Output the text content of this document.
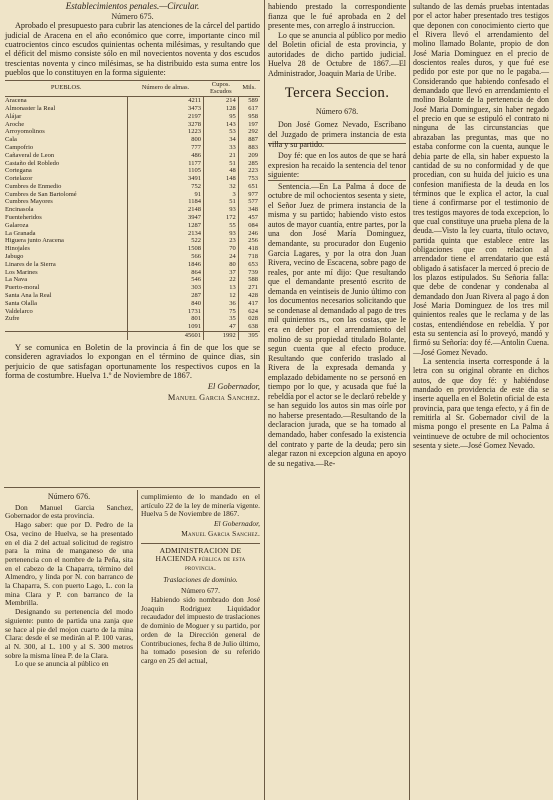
Establecimientos penales.—Circular.
Número 675.

Aprobado el presupuesto para cubrir las atenciones de la cárcel del partido judicial de Aracena en el año económico que corre, importante cinco mil cuatrocientos cinco escudos quinientas ochenta milésimas, y resultando que el déficit del mismo consiste sólo en mil novecientos noventa y dos escudos trescientas noventa y cinco milésimas, se ha distribuido esta suma entre los pueblos que lo constituyen en la forma siguiente:

PUEBLOS.	Número de almas.	Cupos.
Escudos	Mils.
Aracena	4211	214	589
Almonaster la Real	3473	128	617
Alájar	2197	95	958
Aroche	3278	143	197
Arroyomolinos	1223	53	292
Cala	800	34	887
Campofrio	777	33	883
Cañaveral de Leon	486	21	209
Castaño del Robledo	1177	51	285
Cortegana	1105	48	223
Cortelazor	3491	148	753
Cumbres de Enmedio	752	32	651
Cumbres de San Bartolomé	91	3	977
Cumbres Mayores	1184	51	577
Encinasola	2148	93	348
Fuenteheridos	3947	172	457
Galaroza	1287	55	084
La Granada	2134	93	246
Higuera junto Aracena	522	23	256
Hinojales	1508	70	418
Jabugo	566	24	718
Linares de la Sierra	1846	80	653
Los Marines	864	37	739
La Nava	546	22	588
Puerto-moral	303	13	271
Santa Ana la Real	287	12	428
Santa Olalla	840	36	417
Valdelarco	1731	75	624
Zufre	801	35	028
	1091	47	638
	45601	1992	395

Y se comunica en Boletin de la provincia á fin de que los que se consideren agraviados lo expongan en el término de quince dias, sin perjuicio de que satisfagan oportunamente los respectivos cupos en la forma de costumbre. Huelva 1.º de Noviembre de 1867.

El Gobernador,
Manuel Garcia Sanchez.
Número 676.

Don Manuel Garcia Sanchez, Gobernador de esta provincia.

Hago saber: que por D. Pedro de la Osa, vecino de Huelva, se ha presentado en el dia 2 del actual solicitud de registro para la mina de manganeso de una pertenencia con el nombre de la Peña, sita en el cabezo de la Chaparra, término del Almendro, y linda por N. con barranco de la Chaparra, S. con puerto Lago, L. con la mina Clara y P. con barranco de la Membrilla.

Designando su pertenencia del modo siguiente: punto de partida una zanja que se hace al pie del mojon cuarto de la mina Clara: desde el se medirán al P. 100 varas, al N. 300, al L. 100 y al S. 300 metros sobre la misma línea P. de la Clara.

Lo que se anuncia al público en

cumplimiento de lo mandado en el artículo 22 de la ley de minería vigente. Huelva 5 de Noviembre de 1867.

El Gobernador,
Manuel Garcia Sanchez.
ADMINISTRACION DE HACIENDA pública de esta provincia.
Traslaciones de dominio.
Número 677.

Habiendo sido nombrado don José Joaquin Rodriguez Liquidador recaudador del impuesto de traslaciones de dominio de Moguer y su partido, por orden de la Dirección general de Contribuciones, fecha 8 de Julio último, ha tomado posesion de su referido cargo en 25 del actual,

habiendo prestado la correspondiente fianza que le fué aprobada en 2 del presente mes, con arreglo á instruccion.

Lo que se anuncia al público por medio del Boletin oficial de esta provincia, y autoridades de dicho partido judicial. Huelva 28 de Octubre de 1867.—El Administrador, Joaquin Maria de Uribe.

Tercera Seccion.
Número 678.

Don José Gomez Nevado, Escribano del Juzgado de primera instancia de esta villa y su partido.

Doy fé: que en los autos de que se hará expresion ha recaido la sentencia del tenor siguiente:

Sentencia.—En La Palma á doce de octubre de mil ochocientos sesenta y siete, el Señor Juez de primera instancia de la misma y su partido; habiendo visto estos autos de mayor cuantía, entre partes, por la una don José María Dominguez, demandante, su procurador don Eugenio Garcia Lagares, y por la otra don Juan Rivera, vecino de Escacena, sobre pago de reales, por ante mí dijo: Que resultando que el demandante presentó escrito de demanda en veintiseis de Junio último con los documentos necesarios solicitando que se condenase al demandado al pago de tres mil quinientos rs., con las costas, que le era en deber por el arrendamiento del molino de su propiedad titulado Bolante, segun cuenta que al efecto produce. Resultando que conferido traslado al Rivera de la expresada demanda y emplazado debidamente no se personó en tiempo por lo que, y acusada que fué la rebeldía por el actor se le declaró rebelde y se han seguido los autos sin mas oírle por no haberse presentado.—Resultando de la declaracion jurada, que se ha tomado al demandado, haber confesado la existencia del contrato y parte de la deuda; pero sin alegar razon ni excepcion alguna en apoyo de su negativa.—Re-

sultando de las demás pruebas intentadas por el actor haber presentado tres testigos que deponen con conocimiento cierto que el Rivera llevó el arrendamiento del molino llamado Bolante, propio de don José Maria Dominguez en el precio de doscientos reales duros, y que fué ese pedido por este por que no le pagaba.—Considerando que habiendo confesado el demandado que llevó en arrendamiento el molino Bolante de la pertenencia de don José Maria Dominguez, sin haber negado el precio en que se estipuló el contrato ni ninguna de las circunstancias que abrazaban las preguntas, mas que no estaba conforme con la cuenta, aunque le debia parte de ella, sin haber expuesto la cantidad de su no conformidad y de que procedian, con su huida del juicio es una confesion manifiesta de la deuda en los términos que le explica el actor, la cual tiene á confirmarse por el testimonio de tres testigos mayores de toda excepcion, lo que cual constituye una prueba plena de la deuda.—Visto la ley cuarta, título octavo, partida quinta que establece entre las obligaciones que con relacion al arrendador tiene el arrendatario que está obligado á satisfacer la merced ó precio de los plazos estipulados. Su Señoria falla: que debe de condenar y condenaba al demandado don Juan Rivera al pago á don José Maria Dominguez de los tres mil quinientos reales que le reclama y de las costas, entendiéndose en rebeldía. Y por esta su sentencia así lo proveyó, mandó y firmó su Señoría: doy fé.—Antolin Cuena.—José Gomez Nevado.

La sentencia inserta corresponde á la letra con su original obrante en dichos autos, de que doy fé: y habiéndose mandado en providencia de este dia se inserte aquella en el Boletin oficial de esta provincia, para que tenga efecto, y á fin de remitirla al Sr. Gobernador civil de la misma pongo el presente en La Palma á veintinueve de octubre de mil ochocientos sesenta y siete.—José Gomez Nevado.
